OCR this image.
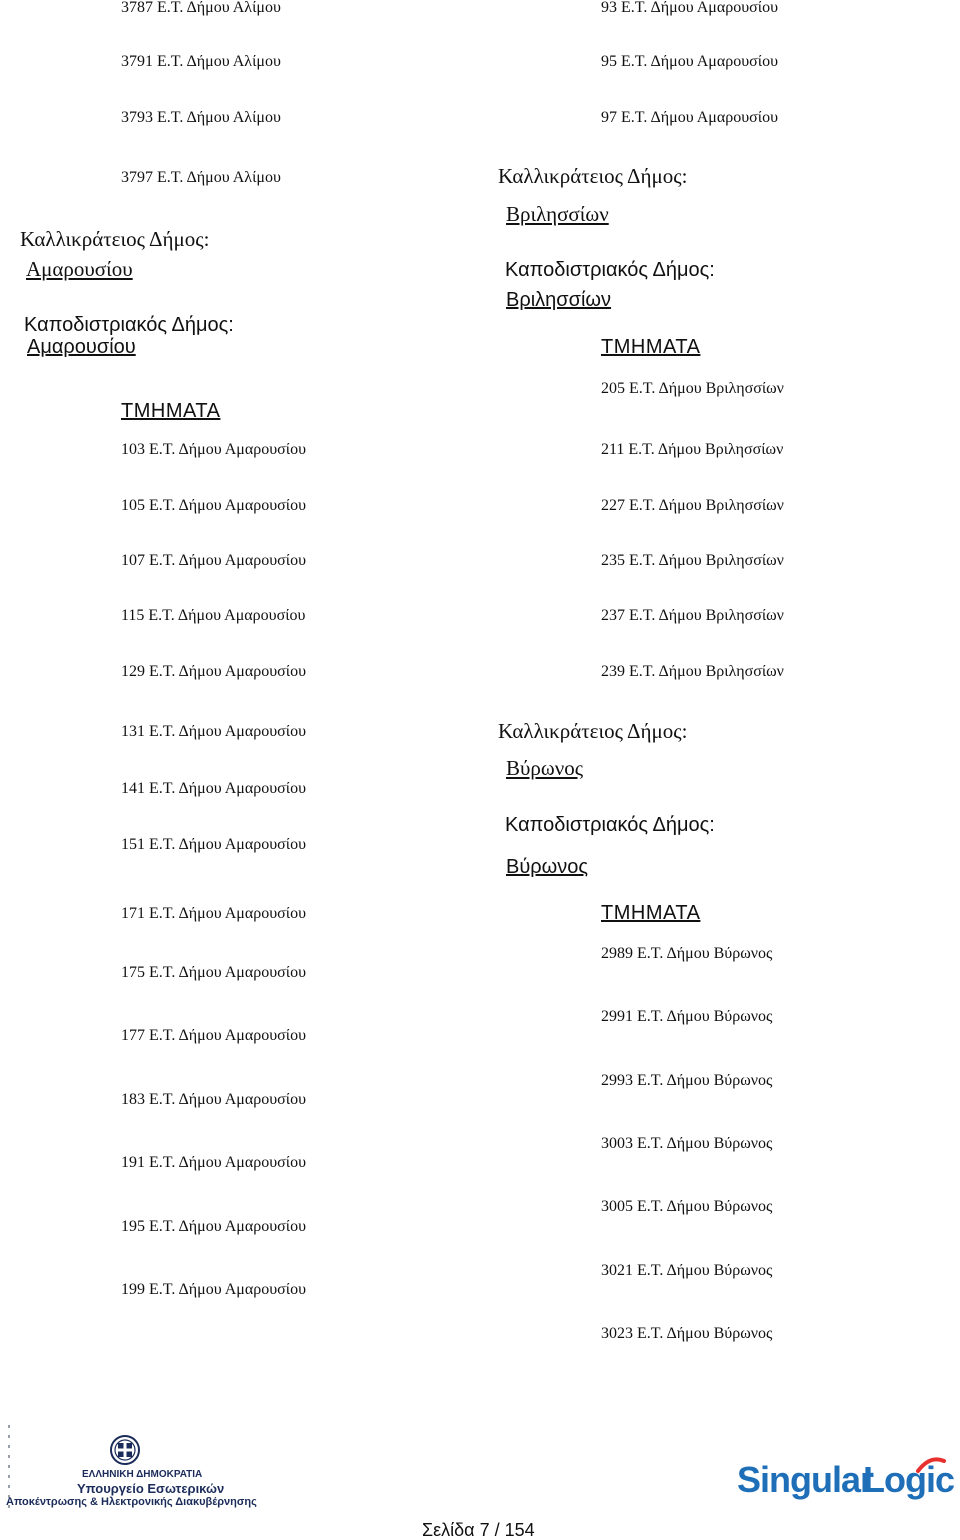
3787 Ε.Τ. Δήμου Αλίμου
3791 Ε.Τ. Δήμου Αλίμου
3793 Ε.Τ. Δήμου Αλίμου
3797 Ε.Τ. Δήμου Αλίμου
Καλλικράτειος Δήμος:
Αμαρουσίου
Καποδιστριακός Δήμος:
Αμαρουσίου
ΤΜΗΜΑΤΑ
103 Ε.Τ. Δήμου Αμαρουσίου
105 Ε.Τ. Δήμου Αμαρουσίου
107 Ε.Τ. Δήμου Αμαρουσίου
115 Ε.Τ. Δήμου Αμαρουσίου
129 Ε.Τ. Δήμου Αμαρουσίου
131 Ε.Τ. Δήμου Αμαρουσίου
141 Ε.Τ. Δήμου Αμαρουσίου
151 Ε.Τ. Δήμου Αμαρουσίου
171 Ε.Τ. Δήμου Αμαρουσίου
175 Ε.Τ. Δήμου Αμαρουσίου
177 Ε.Τ. Δήμου Αμαρουσίου
183 Ε.Τ. Δήμου Αμαρουσίου
191 Ε.Τ. Δήμου Αμαρουσίου
195 Ε.Τ. Δήμου Αμαρουσίου
199 Ε.Τ. Δήμου Αμαρουσίου
93 Ε.Τ. Δήμου Αμαρουσίου
95 Ε.Τ. Δήμου Αμαρουσίου
97 Ε.Τ. Δήμου Αμαρουσίου
Καλλικράτειος Δήμος:
Βριλησσίων
Καποδιστριακός Δήμος:
Βριλησσίων
ΤΜΗΜΑΤΑ
205 Ε.Τ. Δήμου Βριλησσίων
211 Ε.Τ. Δήμου Βριλησσίων
227 Ε.Τ. Δήμου Βριλησσίων
235 Ε.Τ. Δήμου Βριλησσίων
237 Ε.Τ. Δήμου Βριλησσίων
239 Ε.Τ. Δήμου Βριλησσίων
Καλλικράτειος Δήμος:
Βύρωνος
Καποδιστριακός Δήμος:
Βύρωνος
ΤΜΗΜΑΤΑ
2989 Ε.Τ. Δήμου Βύρωνος
2991 Ε.Τ. Δήμου Βύρωνος
2993 Ε.Τ. Δήμου Βύρωνος
3003 Ε.Τ. Δήμου Βύρωνος
3005 Ε.Τ. Δήμου Βύρωνος
3021 Ε.Τ. Δήμου Βύρωνος
3023 Ε.Τ. Δήμου Βύρωνος
ΕΛΛΗΝΙΚΗ ΔΗΜΟΚΡΑΤΙΑ
Υπουργείο Εσωτερικών
Αποκέντρωσης & Ηλεκτρονικής Διακυβέρνησης
Σελίδα 7 / 154
Singular
Logic
